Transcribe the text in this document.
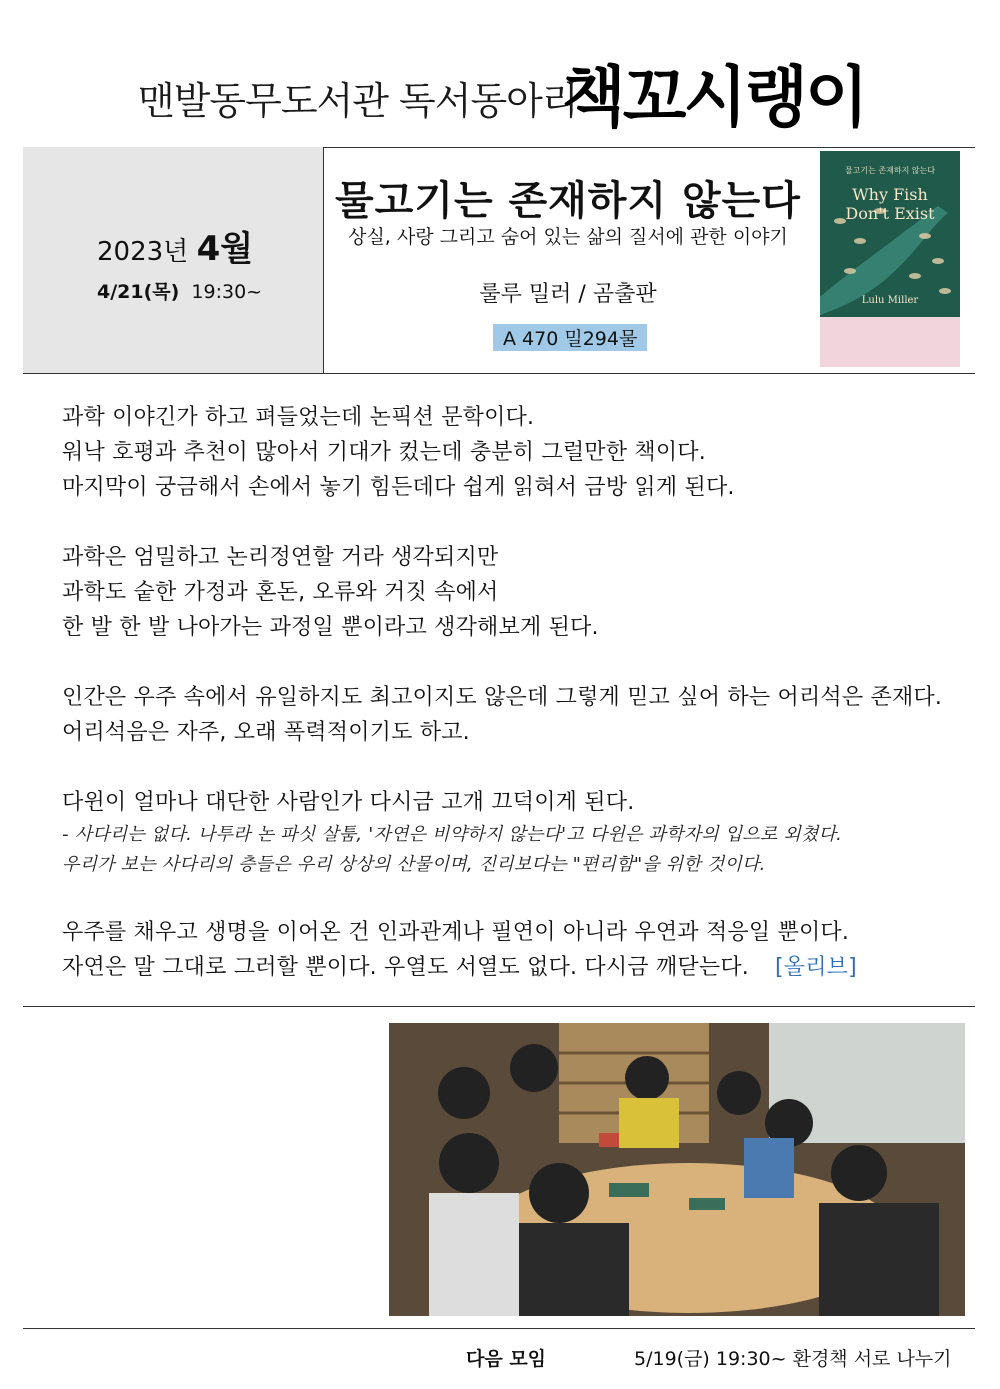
맨발동무도서관 독서동아리
책꼬시랭이
2023년 4월
4/21(목) 19:30~
물고기는 존재하지 않는다
상실, 사랑 그리고 숨어 있는 삶의 질서에 관한 이야기
룰루 밀러 / 곰출판
A 470 밀294물
물고기는 존재하지 않는다
Why Fish
Don't Exist
Lulu Miller

과학 이야긴가 하고 펴들었는데 논픽션 문학이다.

워낙 호평과 추천이 많아서 기대가 컸는데 충분히 그럴만한 책이다.

마지막이 궁금해서 손에서 놓기 힘든데다 쉽게 읽혀서 금방 읽게 된다.

과학은 엄밀하고 논리정연할 거라 생각되지만

과학도 숱한 가정과 혼돈, 오류와 거짓 속에서

한 발 한 발 나아가는 과정일 뿐이라고 생각해보게 된다.

인간은 우주 속에서 유일하지도 최고이지도 않은데 그렇게 믿고 싶어 하는 어리석은 존재다.

어리석음은 자주, 오래 폭력적이기도 하고.

다윈이 얼마나 대단한 사람인가 다시금 고개 끄덕이게 된다.

- 사다리는 없다. 나투라 논 파싯 살툼, '자연은 비약하지 않는다'고 다윈은 과학자의 입으로 외쳤다.

우리가 보는 사다리의 층들은 우리 상상의 산물이며, 진리보다는 "편리함"을 위한 것이다.

우주를 채우고 생명을 이어온 건 인과관계나 필연이 아니라 우연과 적응일 뿐이다.

자연은 말 그대로 그러할 뿐이다. 우열도 서열도 없다. 다시금 깨닫는다. [올리브]

다음 모임	5/19(금) 19:30~ 환경책 서로 나누기
